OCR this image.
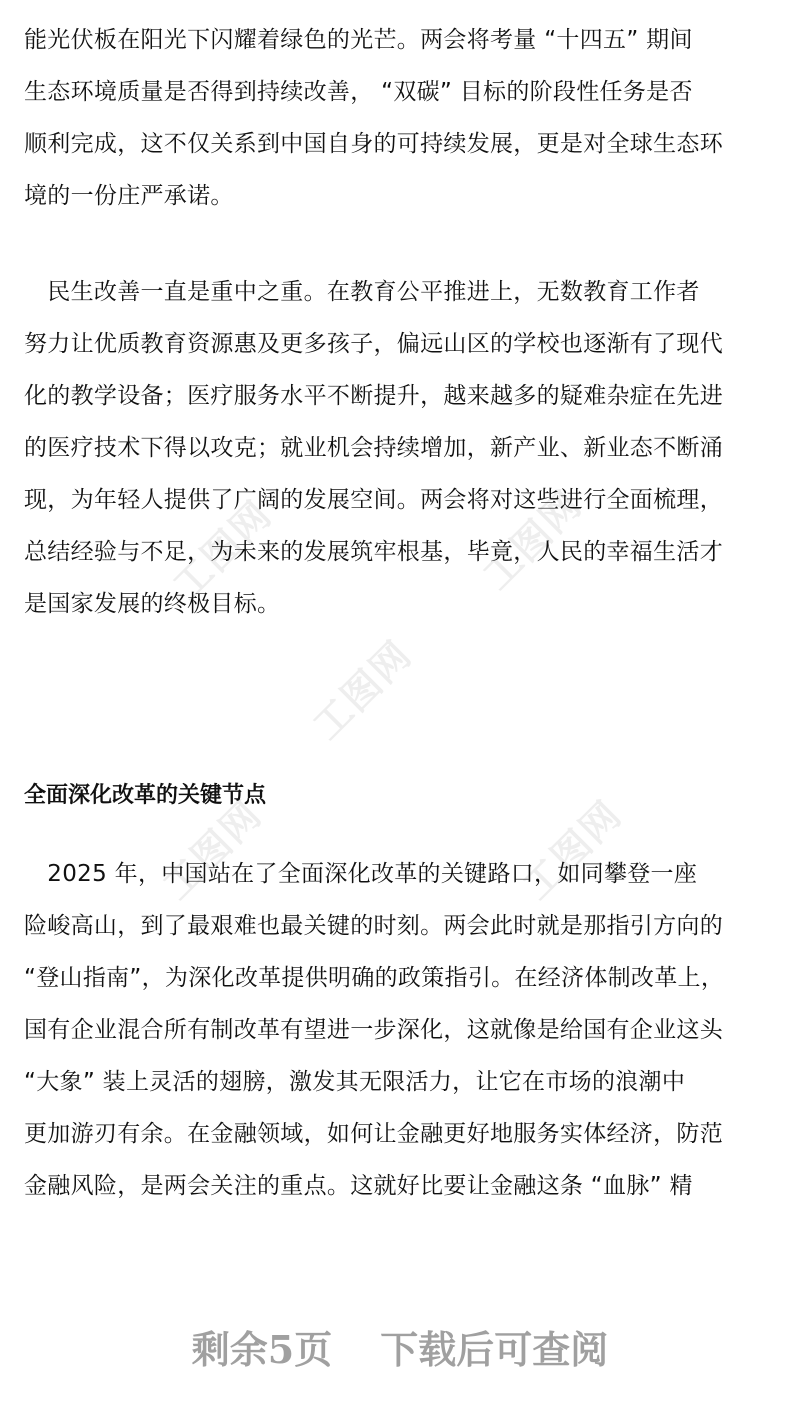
工图网	工图网
工图网
工图网	工图网
能光伏板在阳光下闪耀着绿色的光芒。两会将考量 “十四五” 期间
生态环境质量是否得到持续改善， “双碳” 目标的阶段性任务是否
顺利完成，这不仅关系到中国自身的可持续发展，更是对全球生态环
境的一份庄严承诺。
　民生改善一直是重中之重。在教育公平推进上，无数教育工作者
努力让优质教育资源惠及更多孩子，偏远山区的学校也逐渐有了现代
化的教学设备；医疗服务水平不断提升，越来越多的疑难杂症在先进
的医疗技术下得以攻克；就业机会持续增加，新产业、新业态不断涌
现，为年轻人提供了广阔的发展空间。两会将对这些进行全面梳理，
总结经验与不足，为未来的发展筑牢根基，毕竟，人民的幸福生活才
是国家发展的终极目标。
全面深化改革的关键节点
　2025 年，中国站在了全面深化改革的关键路口，如同攀登一座
险峻高山，到了最艰难也最关键的时刻。两会此时就是那指引方向的
“登山指南”，为深化改革提供明确的政策指引。在经济体制改革上，
国有企业混合所有制改革有望进一步深化，这就像是给国有企业这头
“大象” 装上灵活的翅膀，激发其无限活力，让它在市场的浪潮中
更加游刃有余。在金融领域，如何让金融更好地服务实体经济，防范
金融风险，是两会关注的重点。这就好比要让金融这条 “血脉” 精
剩余5页 下载后可查阅
